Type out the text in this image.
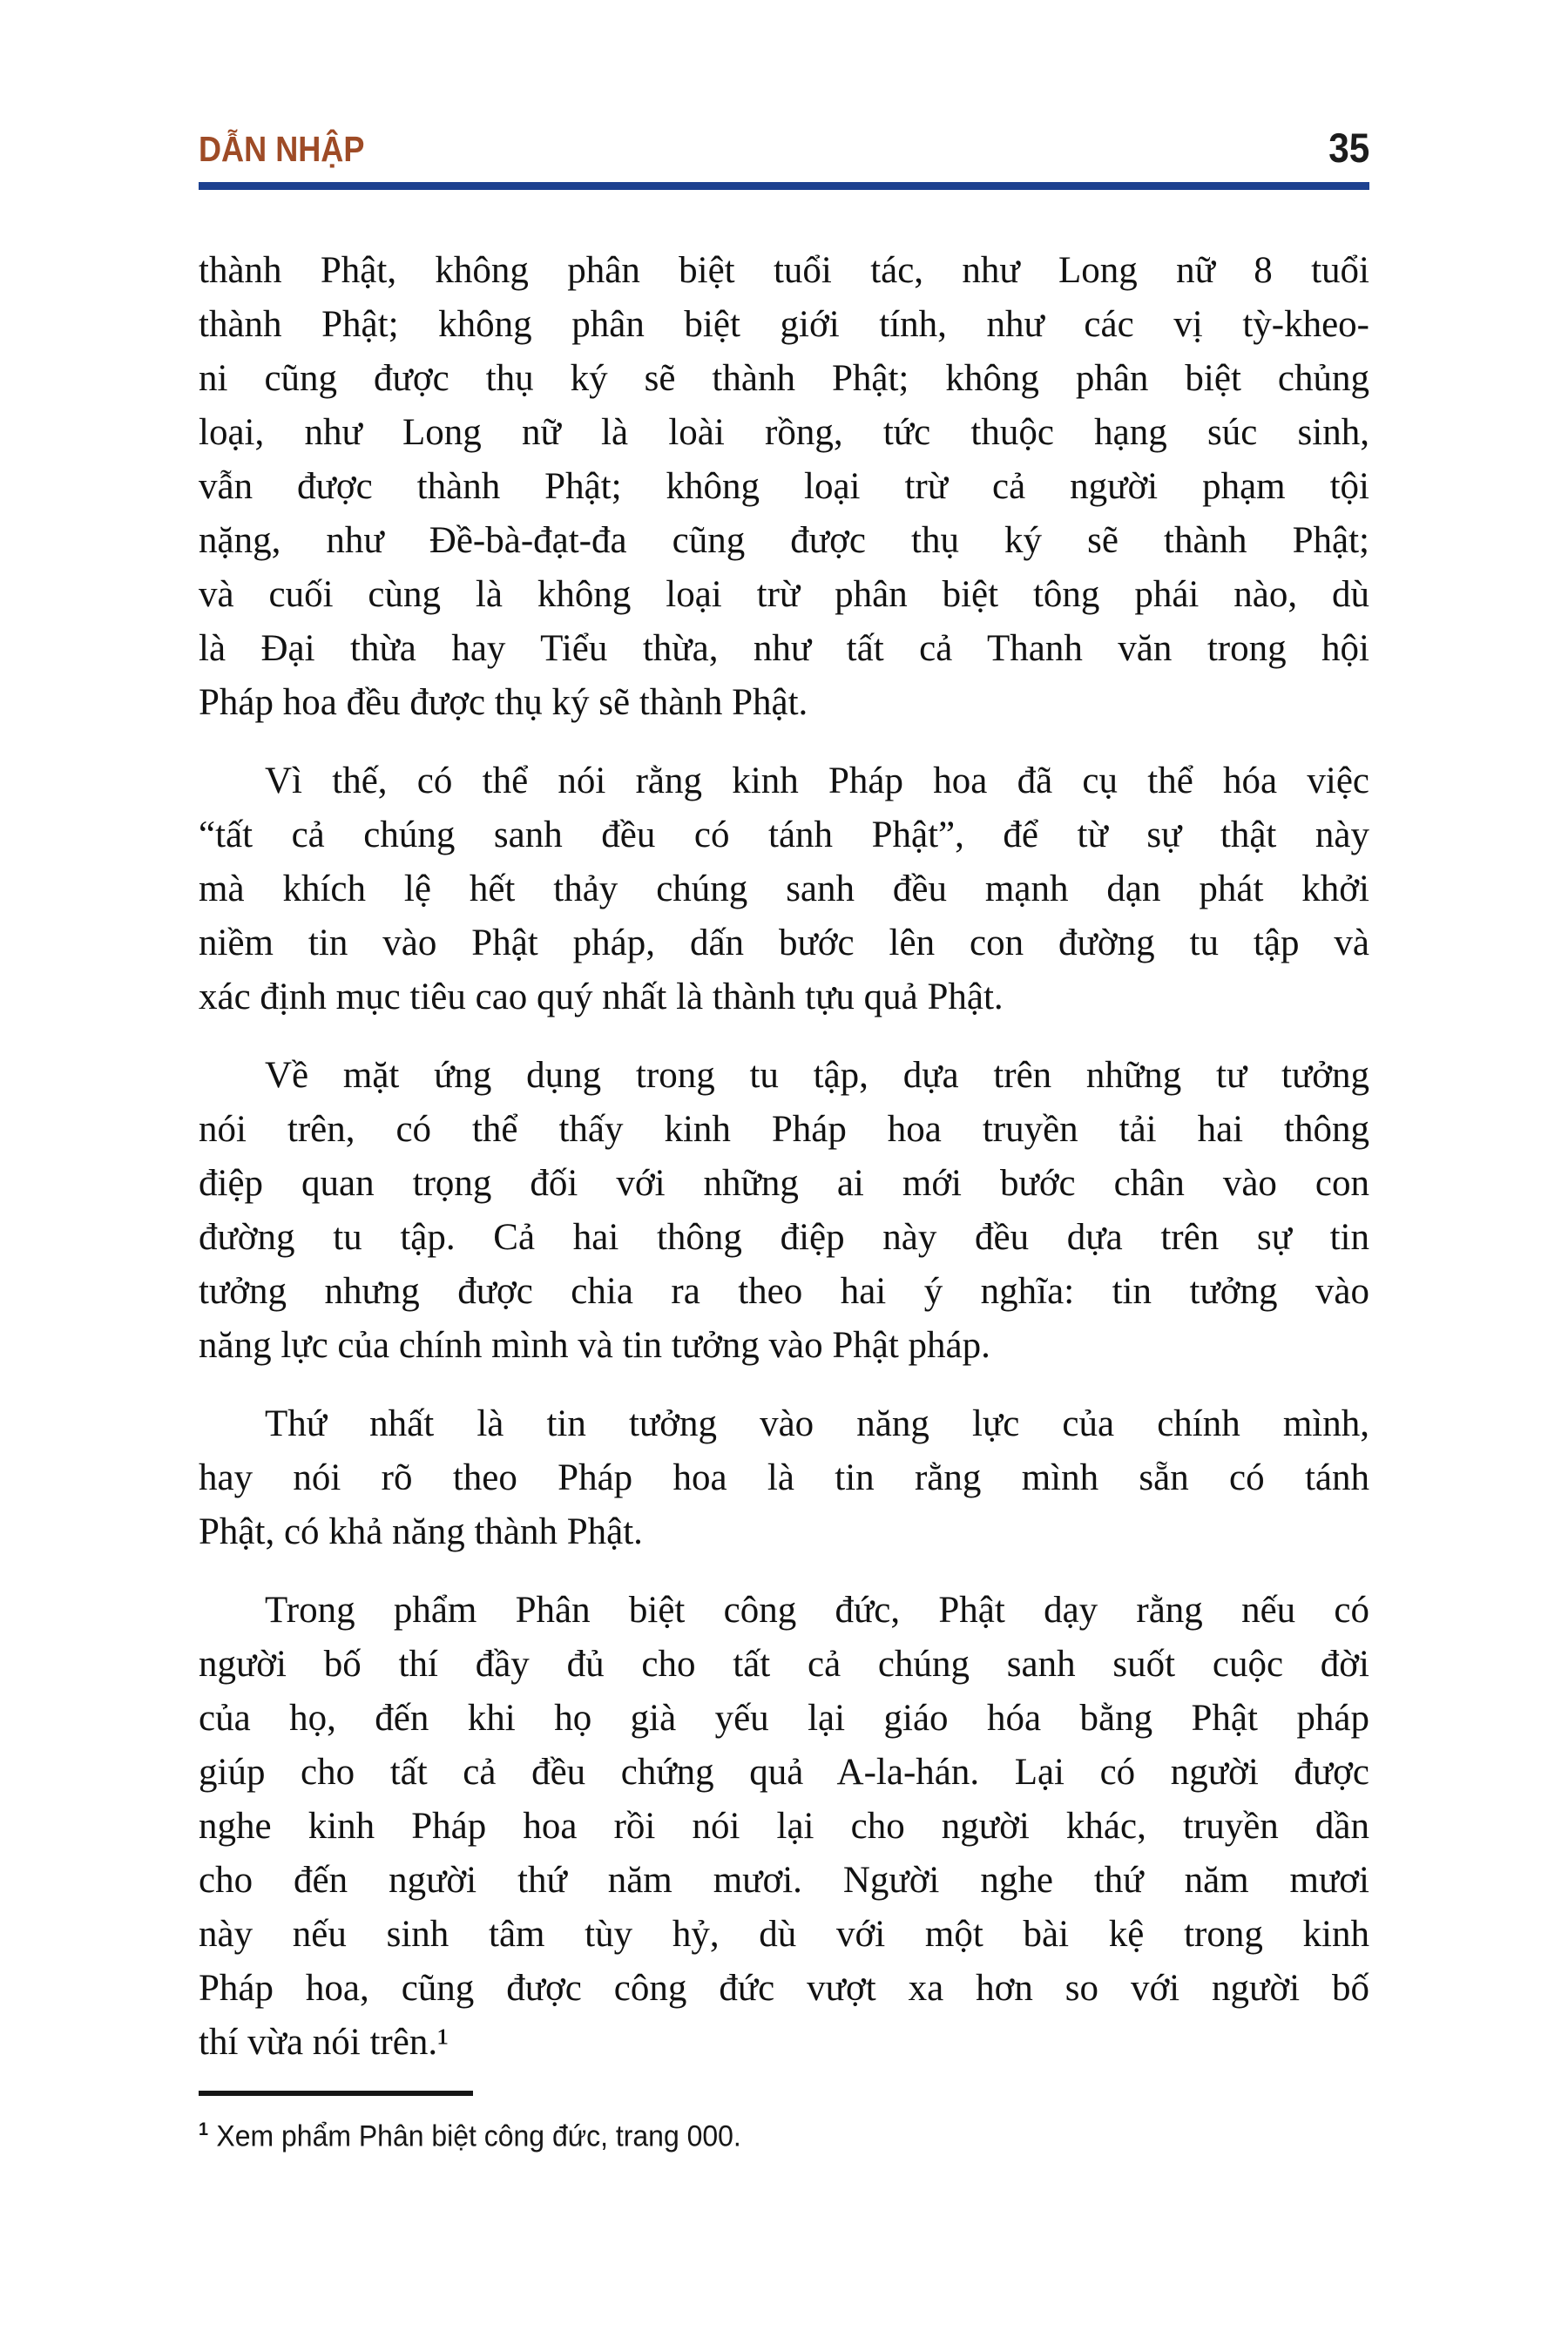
DẪN NHẬP	35
thành Phật, không phân biệt tuổi tác, như Long nữ 8 tuổi
thành Phật; không phân biệt giới tính, như các vị tỳ-kheo-
ni cũng được thụ ký sẽ thành Phật; không phân biệt chủng
loại, như Long nữ là loài rồng, tức thuộc hạng súc sinh,
vẫn được thành Phật; không loại trừ cả người phạm tội
nặng, như Đề-bà-đạt-đa cũng được thụ ký sẽ thành Phật;
và cuối cùng là không loại trừ phân biệt tông phái nào, dù
là Đại thừa hay Tiểu thừa, như tất cả Thanh văn trong hội
Pháp hoa đều được thụ ký sẽ thành Phật.
Vì thế, có thể nói rằng kinh Pháp hoa đã cụ thể hóa việc
“tất cả chúng sanh đều có tánh Phật”, để từ sự thật này
mà khích lệ hết thảy chúng sanh đều mạnh dạn phát khởi
niềm tin vào Phật pháp, dấn bước lên con đường tu tập và
xác định mục tiêu cao quý nhất là thành tựu quả Phật.
Về mặt ứng dụng trong tu tập, dựa trên những tư tưởng
nói trên, có thể thấy kinh Pháp hoa truyền tải hai thông
điệp quan trọng đối với những ai mới bước chân vào con
đường tu tập. Cả hai thông điệp này đều dựa trên sự tin
tưởng nhưng được chia ra theo hai ý nghĩa: tin tưởng vào
năng lực của chính mình và tin tưởng vào Phật pháp.
Thứ nhất là tin tưởng vào năng lực của chính mình,
hay nói rõ theo Pháp hoa là tin rằng mình sẵn có tánh
Phật, có khả năng thành Phật.
Trong phẩm Phân biệt công đức, Phật dạy rằng nếu có
người bố thí đầy đủ cho tất cả chúng sanh suốt cuộc đời
của họ, đến khi họ già yếu lại giáo hóa bằng Phật pháp
giúp cho tất cả đều chứng quả A-la-hán. Lại có người được
nghe kinh Pháp hoa rồi nói lại cho người khác, truyền dần
cho đến người thứ năm mươi. Người nghe thứ năm mươi
này nếu sinh tâm tùy hỷ, dù với một bài kệ trong kinh
Pháp hoa, cũng được công đức vượt xa hơn so với người bố
thí vừa nói trên.¹
$^1$ Xem phẩm Phân biệt công đức, trang 000.
